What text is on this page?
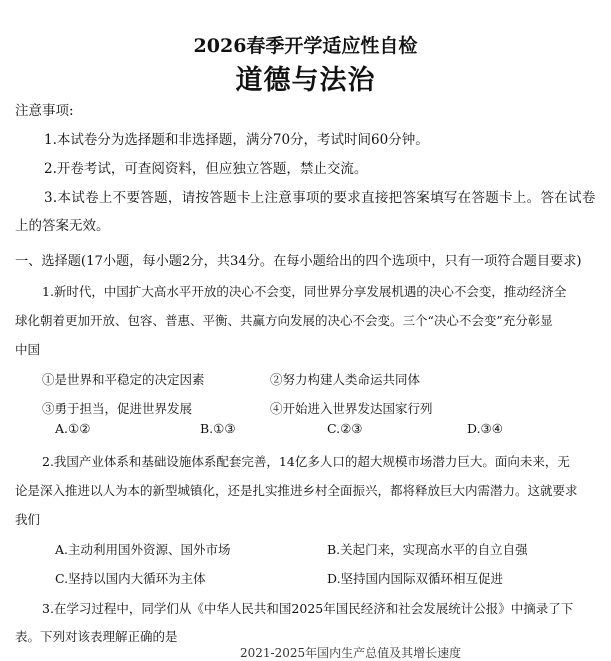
2026春季开学适应性自检
道德与法治
注意事项:
1.本试卷分为选择题和非选择题，满分70分，考试时间60分钟。
2.开卷考试，可查阅资料，但应独立答题，禁止交流。
3.本试卷上不要答题，请按答题卡上注意事项的要求直接把答案填写在答题卡上。答在试卷
上的答案无效。
一、选择题(17小题，每小题2分，共34分。在每小题给出的四个选项中，只有一项符合题目要求)
1.新时代，中国扩大高水平开放的决心不会变，同世界分享发展机遇的决心不会变，推动经济全
球化朝着更加开放、包容、普惠、平衡、共赢方向发展的决心不会变。三个“决心不会变”充分彰显
中国
①是世界和平稳定的决定因素	②努力构建人类命运共同体
③勇于担当，促进世界发展	④开始进入世界发达国家行列
A.①②	B.①③	C.②③	D.③④
2.我国产业体系和基础设施体系配套完善，14亿多人口的超大规模市场潜力巨大。面向未来，无
论是深入推进以人为本的新型城镇化，还是扎实推进乡村全面振兴，都将释放巨大内需潜力。这就要求
我们
A.主动利用国外资源、国外市场	B.关起门来，实现高水平的自立自强
C.坚持以国内大循环为主体	D.坚持国内国际双循环相互促进
3.在学习过程中，同学们从《中华人民共和国2025年国民经济和社会发展统计公报》中摘录了下
表。下列对该表理解正确的是
2021-2025年国内生产总值及其增长速度
